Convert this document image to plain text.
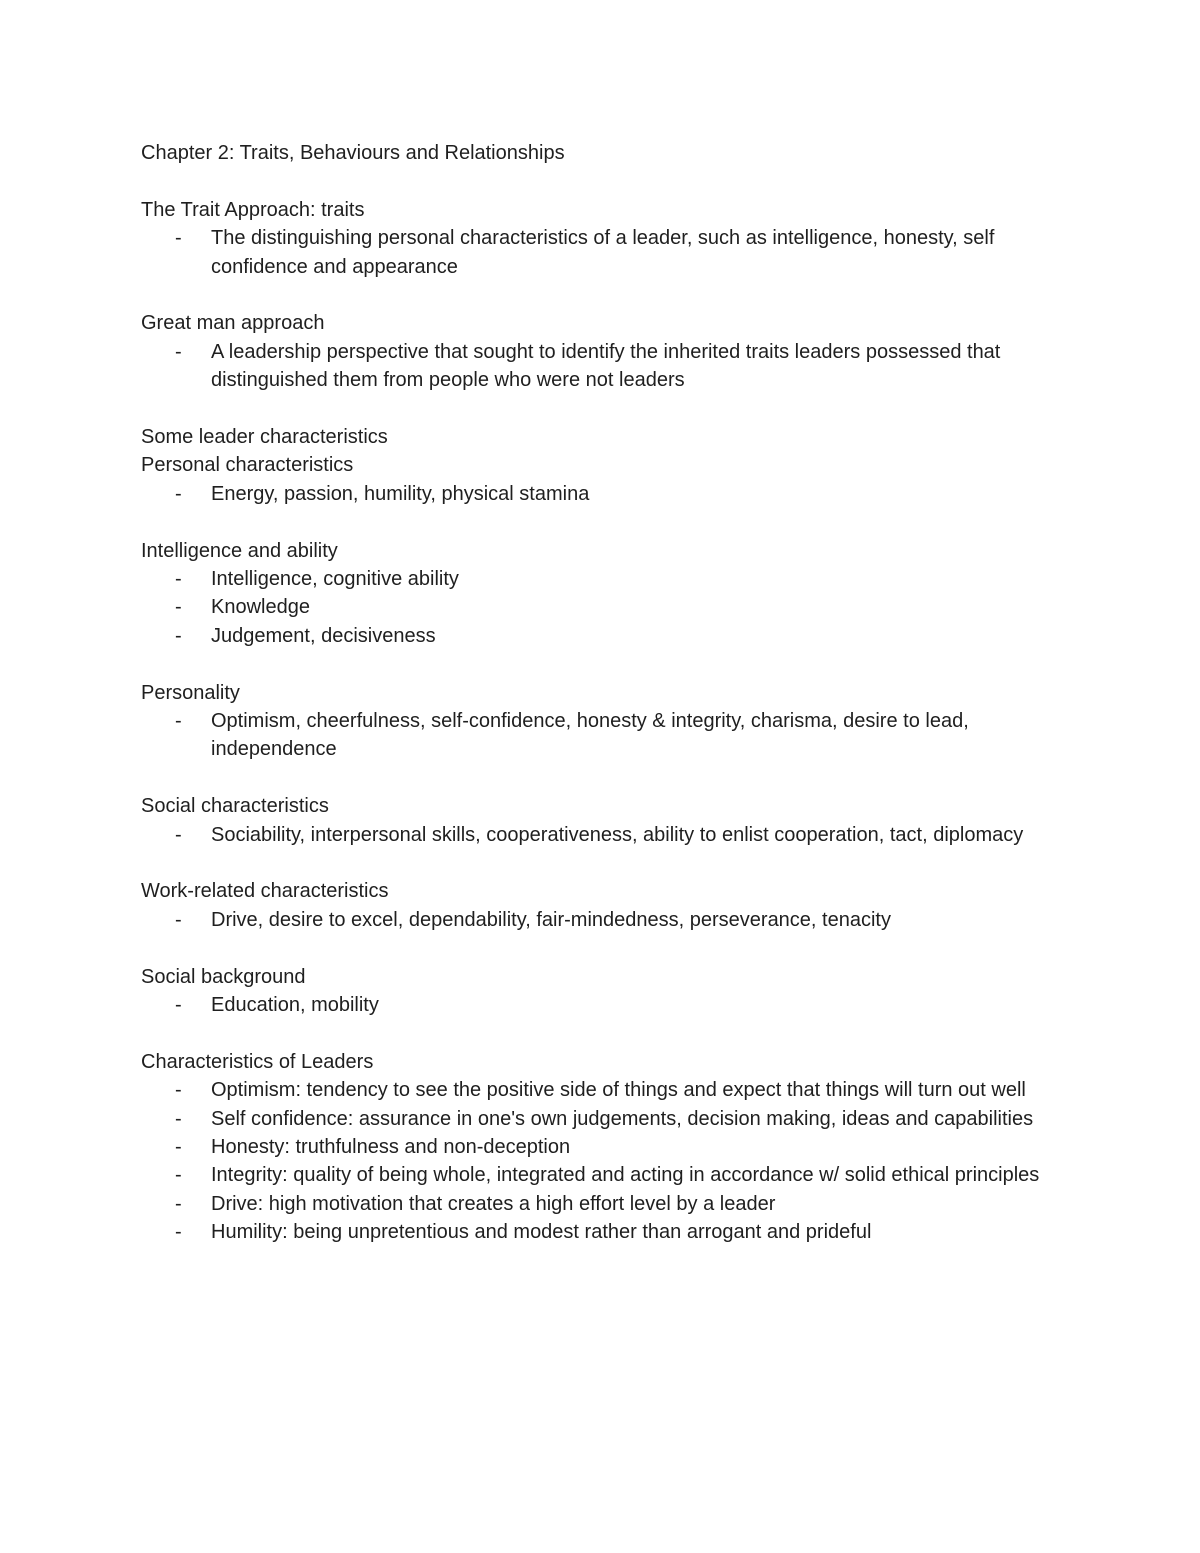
Chapter 2: Traits, Behaviours and Relationships

The Trait Approach: traits

- The distinguishing personal characteristics of a leader, such as intelligence, honesty, self confidence and appearance

Great man approach

- A leadership perspective that sought to identify the inherited traits leaders possessed that distinguished them from people who were not leaders

Some leader characteristics

Personal characteristics

- Energy, passion, humility, physical stamina

Intelligence and ability

- Intelligence, cognitive ability
- Knowledge
- Judgement, decisiveness

Personality

- Optimism, cheerfulness, self-confidence, honesty & integrity, charisma, desire to lead, independence

Social characteristics

- Sociability, interpersonal skills, cooperativeness, ability to enlist cooperation, tact, diplomacy

Work-related characteristics

- Drive, desire to excel, dependability, fair-mindedness, perseverance, tenacity

Social background

- Education, mobility

Characteristics of Leaders

- Optimism: tendency to see the positive side of things and expect that things will turn out well
- Self confidence: assurance in one's own judgements, decision making, ideas and capabilities
- Honesty: truthfulness and non-deception
- Integrity: quality of being whole, integrated and acting in accordance w/ solid ethical principles
- Drive: high motivation that creates a high effort level by a leader
- Humility: being unpretentious and modest rather than arrogant and prideful
